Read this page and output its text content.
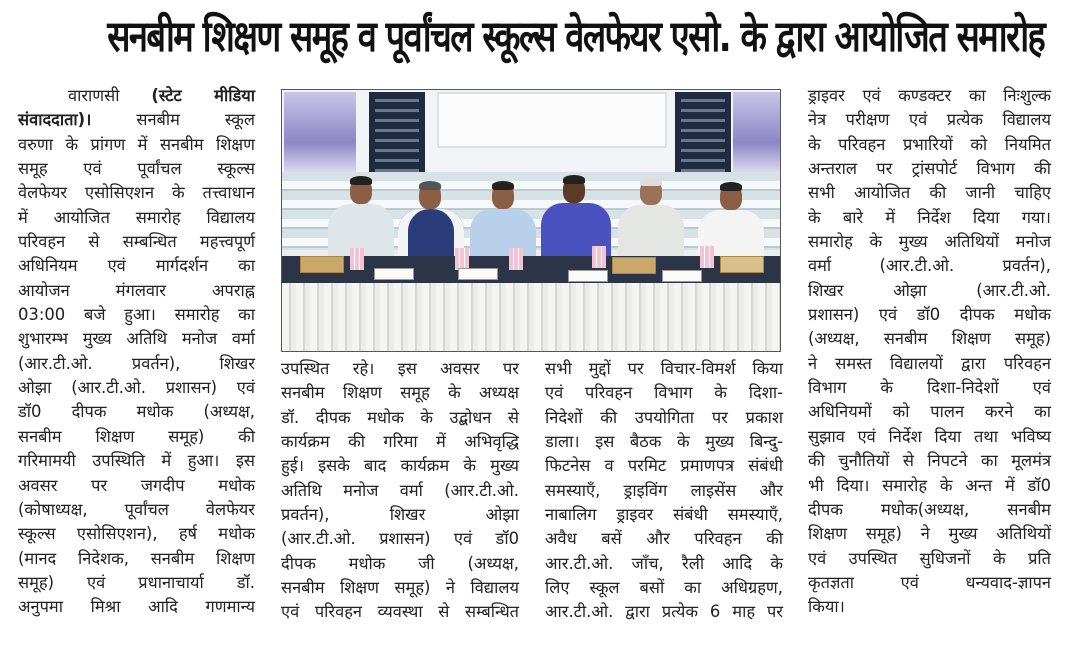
सनबीम शिक्षण समूह व पूर्वांचल स्कूल्स वेलफेयर एसो. के द्वारा आयोजित समारोह
वाराणसी (स्टेट मीडिया
संवाददाता)। सनबीम स्कूल
वरुणा के प्रांगण में सनबीम शिक्षण
समूह एवं पूर्वांचल स्कूल्स
वेलफेयर एसोसिएशन के तत्त्वाधान
में आयोजित समारोह विद्यालय
परिवहन से सम्बन्धित महत्त्वपूर्ण
अधिनियम एवं मार्गदर्शन का
आयोजन मंगलवार अपराह्न
03:00 बजे हुआ। समारोह का
शुभारम्भ मुख्य अतिथि मनोज वर्मा
(आर.टी.ओ. प्रवर्तन), शिखर
ओझा (आर.टी.ओ. प्रशासन) एवं
डॉ0 दीपक मधोक (अध्यक्ष,
सनबीम शिक्षण समूह) की
गरिमामयी उपस्थिति में हुआ। इस
अवसर पर जगदीप मधोक
(कोषाध्यक्ष, पूर्वांचल वेलफेयर
स्कूल्स एसोसिएशन), हर्ष मधोक
(मानद निदेशक, सनबीम शिक्षण
समूह) एवं प्रधानाचार्या डॉ.
अनुपमा मिश्रा आदि गणमान्य
उपस्थित रहे। इस अवसर पर
सनबीम शिक्षण समूह के अध्यक्ष
डॉ. दीपक मधोक के उद्बोधन से
कार्यक्रम की गरिमा में अभिवृद्धि
हुई। इसके बाद कार्यक्रम के मुख्य
अतिथि मनोज वर्मा (आर.टी.ओ.
प्रवर्तन), शिखर ओझा
(आर.टी.ओ. प्रशासन) एवं डॉ0
दीपक मधोक जी (अध्यक्ष,
सनबीम शिक्षण समूह) ने विद्यालय
एवं परिवहन व्यवस्था से सम्बन्धित
सभी मुद्दों पर विचार-विमर्श किया
एवं परिवहन विभाग के दिशा-
निदेशों की उपयोगिता पर प्रकाश
डाला। इस बैठक के मुख्य बिन्दु-
फिटनेस व परमिट प्रमाणपत्र संबंधी
समस्याएँ, ड्राइविंग लाइसेंस और
नाबालिग ड्राइवर संबंधी समस्याएँ,
अवैध बसें और परिवहन की
आर.टी.ओ. जाँच, रैली आदि के
लिए स्कूल बसों का अधिग्रहण,
आर.टी.ओ. द्वारा प्रत्येक 6 माह पर
ड्राइवर एवं कण्डक्टर का निःशुल्क
नेत्र परीक्षण एवं प्रत्येक विद्यालय
के परिवहन प्रभारियों को नियमित
अन्तराल पर ट्रांसपोर्ट विभाग की
सभी आयोजित की जानी चाहिए
के बारे में निर्देश दिया गया।
समारोह के मुख्य अतिथियों मनोज
वर्मा (आर.टी.ओ. प्रवर्तन),
शिखर ओझा (आर.टी.ओ.
प्रशासन) एवं डॉ0 दीपक मधोक
(अध्यक्ष, सनबीम शिक्षण समूह)
ने समस्त विद्यालयों द्वारा परिवहन
विभाग के दिशा-निदेशों एवं
अधिनियमों को पालन करने का
सुझाव एवं निर्देश दिया तथा भविष्य
की चुनौतियों से निपटने का मूलमंत्र
भी दिया। समारोह के अन्त में डॉ0
दीपक मधोक(अध्यक्ष, सनबीम
शिक्षण समूह) ने मुख्य अतिथियों
एवं उपस्थित सुधिजनों के प्रति
कृतज्ञता एवं धन्यवाद-ज्ञापन
किया।
